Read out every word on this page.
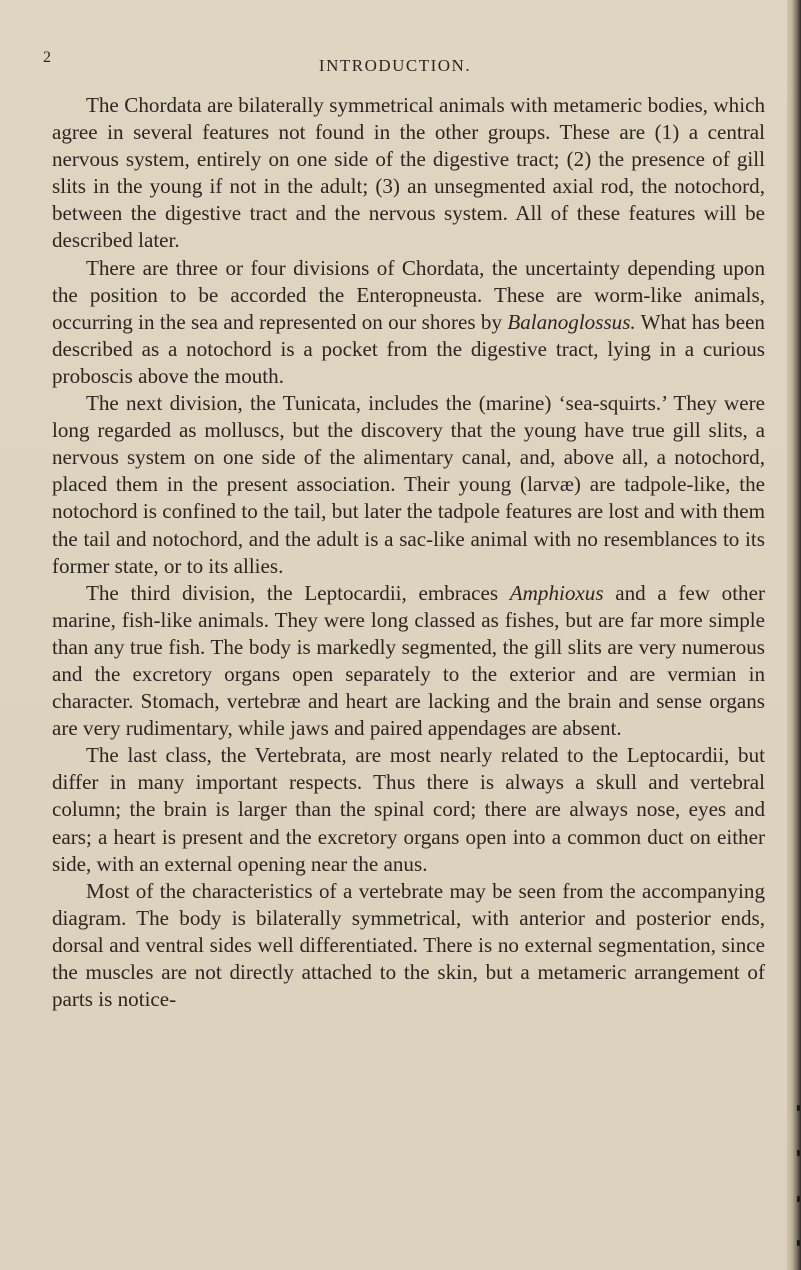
2	INTRODUCTION.

The Chordata are bilaterally symmetrical animals with metameric bodies, which agree in several features not found in the other groups. These are (1) a central nervous system, entirely on one side of the digestive tract; (2) the presence of gill slits in the young if not in the adult; (3) an unsegmented axial rod, the notochord, between the digestive tract and the nervous system. All of these features will be described later.

There are three or four divisions of Chordata, the uncertainty depending upon the position to be accorded the Enteropneusta. These are worm-like animals, occurring in the sea and represented on our shores by Balanoglossus. What has been described as a notochord is a pocket from the digestive tract, lying in a curious proboscis above the mouth.

The next division, the Tunicata, includes the (marine) ‘sea-squirts.’ They were long regarded as molluscs, but the discovery that the young have true gill slits, a nervous system on one side of the alimentary canal, and, above all, a notochord, placed them in the present association. Their young (larvæ) are tadpole-like, the notochord is confined to the tail, but later the tadpole features are lost and with them the tail and notochord, and the adult is a sac-like animal with no resemblances to its former state, or to its allies.

The third division, the Leptocardii, embraces Amphioxus and a few other marine, fish-like animals. They were long classed as fishes, but are far more simple than any true fish. The body is markedly segmented, the gill slits are very numerous and the excretory organs open separately to the exterior and are vermian in character. Stomach, vertebræ and heart are lacking and the brain and sense organs are very rudimentary, while jaws and paired appendages are absent.

The last class, the Vertebrata, are most nearly related to the Leptocardii, but differ in many important respects. Thus there is always a skull and vertebral column; the brain is larger than the spinal cord; there are always nose, eyes and ears; a heart is present and the excretory organs open into a common duct on either side, with an external opening near the anus.

Most of the characteristics of a vertebrate may be seen from the accompanying diagram. The body is bilaterally symmetrical, with anterior and posterior ends, dorsal and ventral sides well differentiated. There is no external segmentation, since the muscles are not directly attached to the skin, but a metameric arrangement of parts is notice-
